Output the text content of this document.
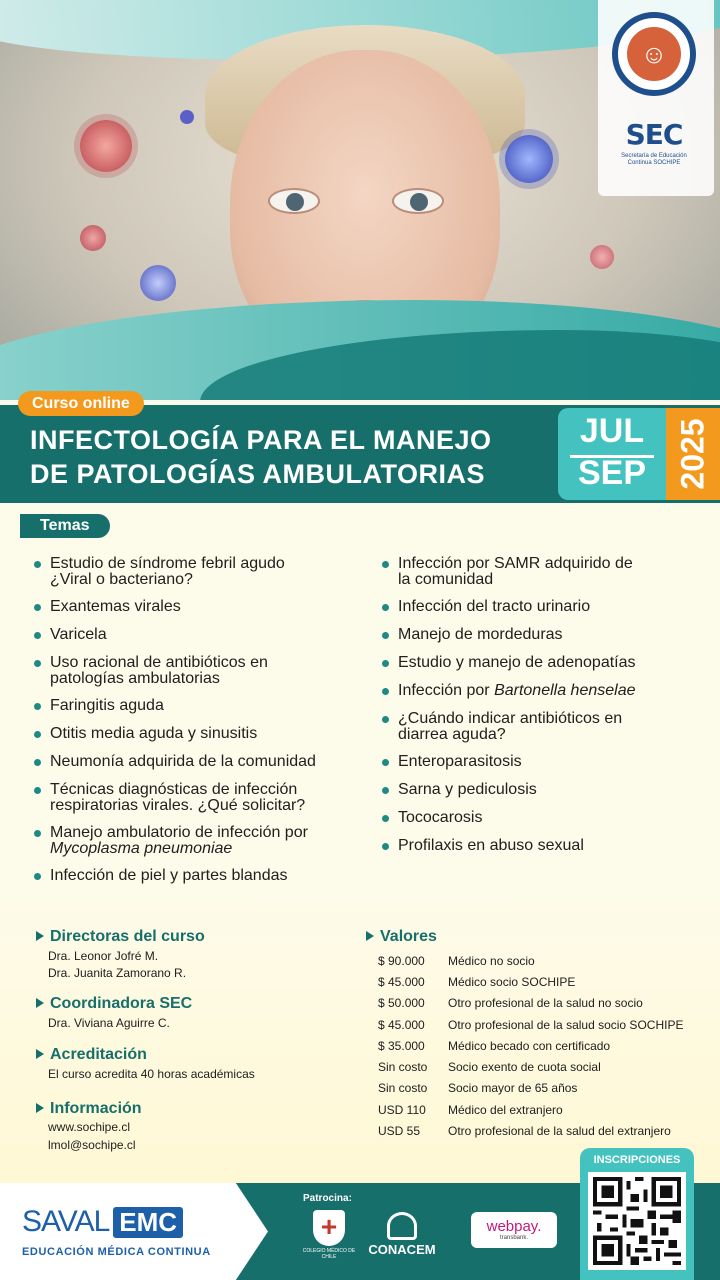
☺
SEC
Secretaría de Educación Continua SOCHIPE
INFECTOLOGÍA PARA EL MANEJO
DE PATOLOGÍAS AMBULATORIAS
Curso online
JUL
SEP 2025
Temas
Estudio de síndrome febril agudo
¿Viral o bacteriano?
Exantemas virales
Varicela
Uso racional de antibióticos en
patologías ambulatorias
Faringitis aguda
Otitis media aguda y sinusitis
Neumonía adquirida de la comunidad
Técnicas diagnósticas de infección
respiratorias virales. ¿Qué solicitar?
Manejo ambulatorio de infección por
Mycoplasma pneumoniae
Infección de piel y partes blandas
Infección por SAMR adquirido de
la comunidad
Infección del tracto urinario
Manejo de mordeduras
Estudio y manejo de adenopatías
Infección por Bartonella henselae
¿Cuándo indicar antibióticos en
diarrea aguda?
Enteroparasitosis
Sarna y pediculosis
Tococarosis
Profilaxis en abuso sexual
Directoras del curso
Dra. Leonor Jofré M.
Dra. Juanita Zamorano R.
Coordinadora SEC
Dra. Viviana Aguirre C.
Acreditación
El curso acredita 40 horas académicas
Información
www.sochipe.cl
lmol@sochipe.cl
Valores
$ 90.000	Médico no socio
$ 45.000	Médico socio SOCHIPE
$ 50.000	Otro profesional de la salud no socio
$ 45.000	Otro profesional de la salud socio SOCHIPE
$ 35.000	Médico becado con certificado
Sin costo	Socio exento de cuota social
Sin costo	Socio mayor de 65 años
USD 110	Médico del extranjero
USD 55	Otro profesional de la salud del extranjero
SAVAL EMC
EDUCACIÓN MÉDICA CONTINUA
Patrocina:
+
COLEGIO MÉDICO DE CHILE	CONACEM
webpay.
transbank.
INSCRIPCIONES
